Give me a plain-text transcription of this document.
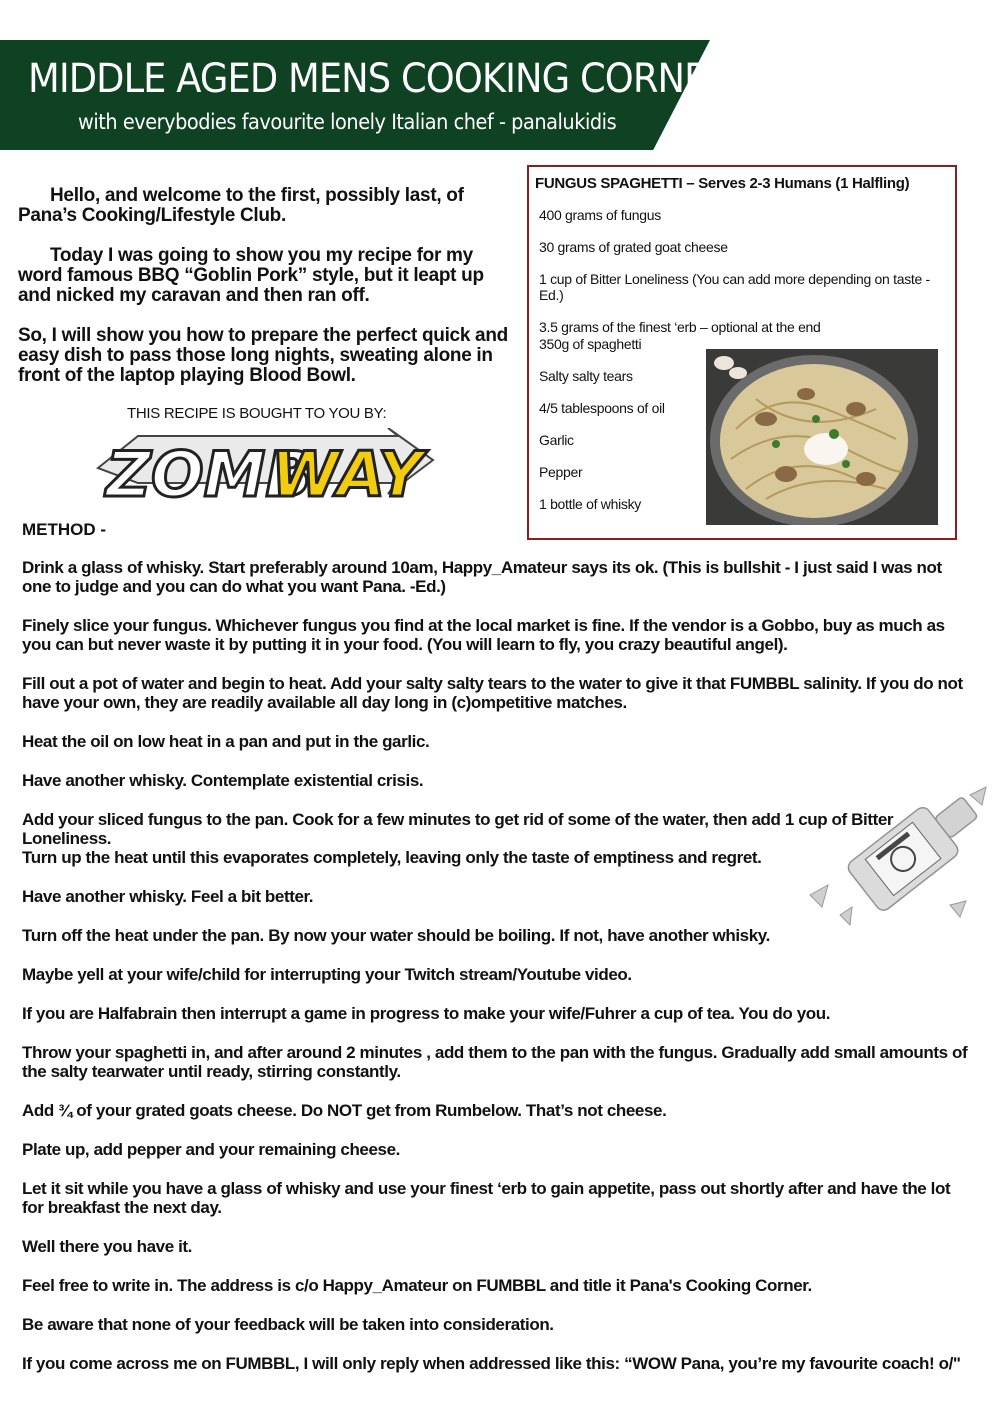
MIDDLE AGED MENS COOKING CORNER
with everybodies favourite lonely Italian chef - panalukidis

Hello, and welcome to the first, possibly last, of Pana’s Cooking/Lifestyle Club.

Today I was going to show you my recipe for my word famous BBQ “Goblin Pork” style, but it leapt up and nicked my caravan and then ran off.

So, I will show you how to prepare the perfect quick and easy dish to pass those long nights, sweating alone in front of the laptop playing Blood Bowl.

THIS RECIPE IS BOUGHT TO YOU BY:
ZOMB
WAY
FUNGUS SPAGHETTI – Serves 2-3 Humans (1 Halfling)
400 grams of fungus
30 grams of grated goat cheese
1 cup of Bitter Loneliness (You can add more depending on taste - Ed.)
3.5 grams of the finest ‘erb – optional at the end
350g of spaghetti
Salty salty tears
4/5 tablespoons of oil
Garlic
Pepper
1 bottle of whisky
METHOD -
Drink a glass of whisky. Start preferably around 10am, Happy_Amateur says its ok. (This is bullshit - I just said I was not one to judge and you can do what you want Pana. -Ed.)
Finely slice your fungus. Whichever fungus you find at the local market is fine. If the vendor is a Gobbo, buy as much as you can but never waste it by putting it in your food. (You will learn to fly, you crazy beautiful angel).
Fill out a pot of water and begin to heat. Add your salty salty tears to the water to give it that FUMBBL salinity. If you do not have your own, they are readily available all day long in (c)ompetitive matches.
Heat the oil on low heat in a pan and put in the garlic.
Have another whisky. Contemplate existential crisis.
Add your sliced fungus to the pan. Cook for a few minutes to get rid of some of the water, then add 1 cup of Bitter Loneliness.
Turn up the heat until this evaporates completely, leaving only the taste of emptiness and regret.
Have another whisky. Feel a bit better.
Turn off the heat under the pan. By now your water should be boiling. If not, have another whisky.
Maybe yell at your wife/child for interrupting your Twitch stream/Youtube video.
If you are Halfabrain then interrupt a game in progress to make your wife/Fuhrer a cup of tea. You do you.
Throw your spaghetti in, and after around 2 minutes , add them to the pan with the fungus. Gradually add small amounts of the salty tearwater until ready, stirring constantly.
Add ¾ of your grated goats cheese. Do NOT get from Rumbelow. That’s not cheese.
Plate up, add pepper and your remaining cheese.
Let it sit while you have a glass of whisky and use your finest ‘erb to gain appetite, pass out shortly after and have the lot for breakfast the next day.
Well there you have it.
Feel free to write in. The address is c/o Happy_Amateur on FUMBBL and title it Pana's Cooking Corner.
Be aware that none of your feedback will be taken into consideration.
If you come across me on FUMBBL, I will only reply when addressed like this: “WOW Pana, you’re my favourite coach! o/"
